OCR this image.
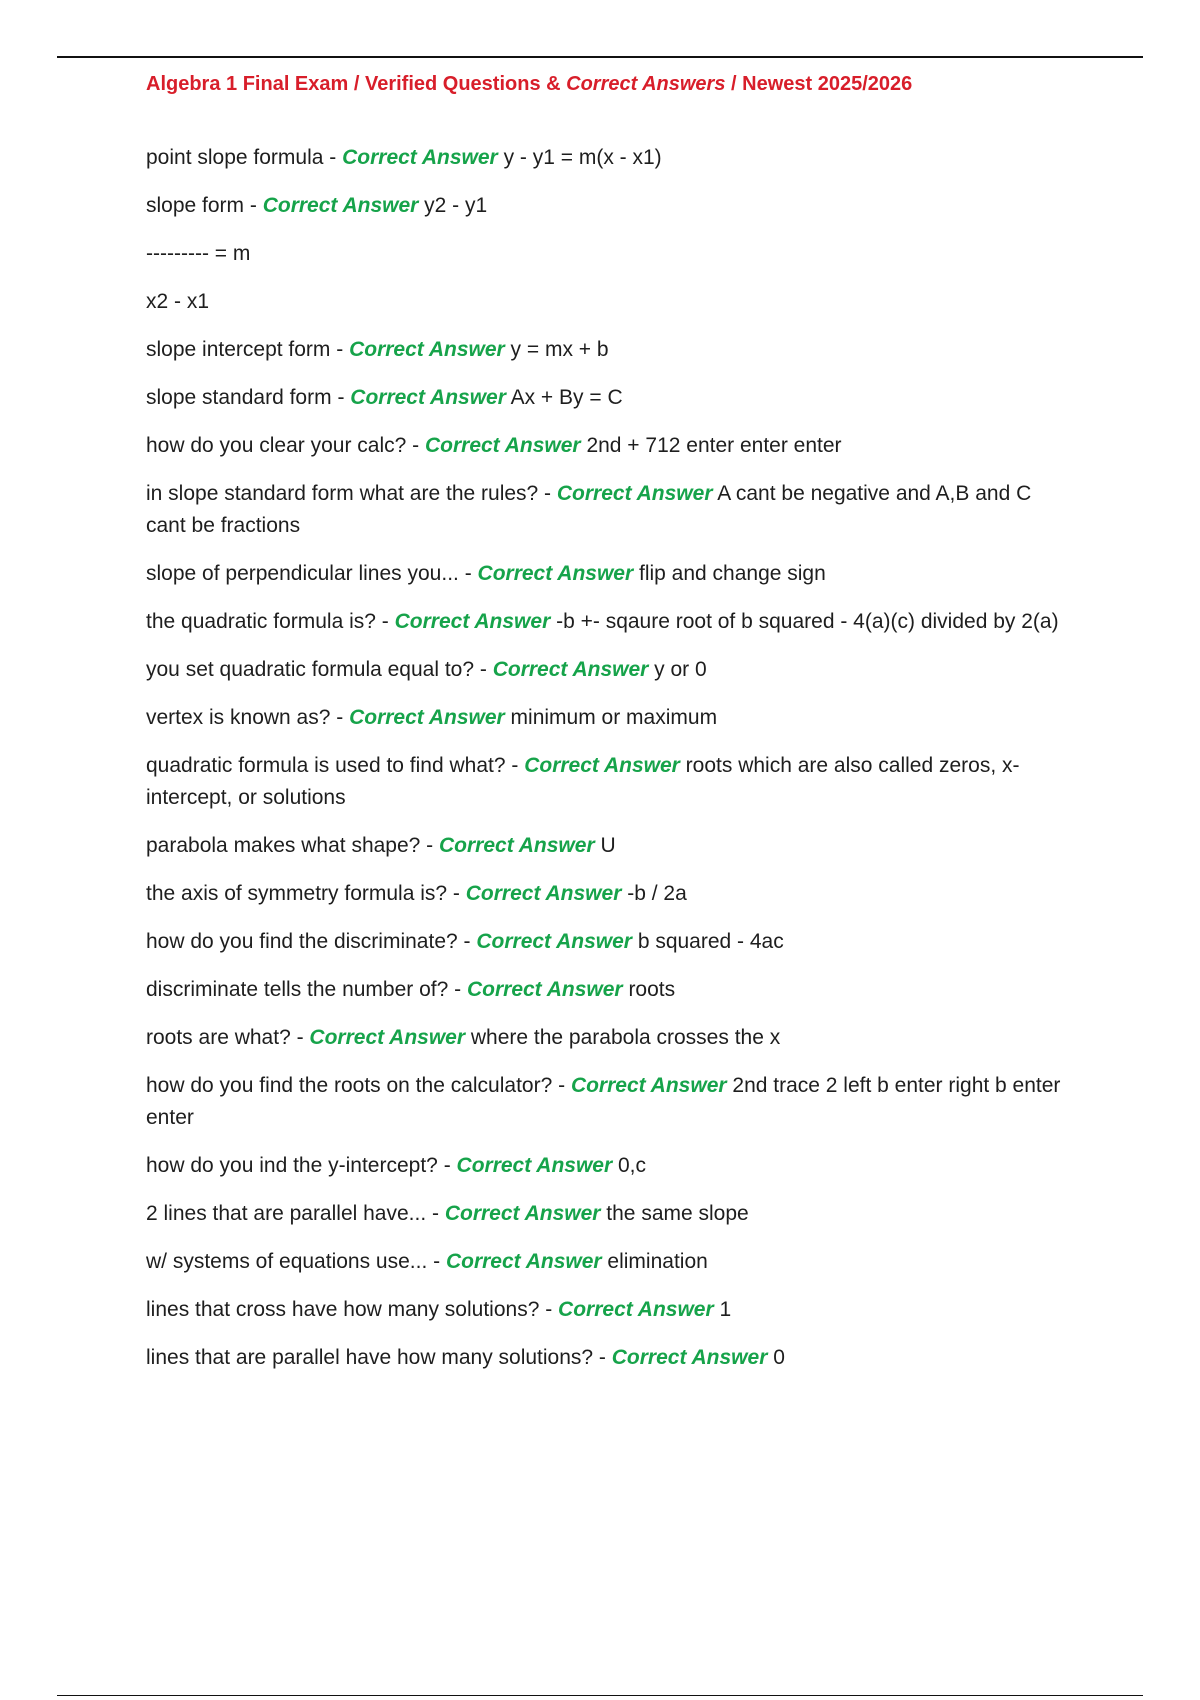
Algebra 1 Final Exam / Verified Questions & Correct Answers / Newest 2025/2026
point slope formula - Correct Answer y - y1 = m(x - x1)
slope form - Correct Answer y2 - y1
--------- = m
x2 - x1
slope intercept form - Correct Answer y = mx + b
slope standard form - Correct Answer Ax + By = C
how do you clear your calc? - Correct Answer 2nd + 712 enter enter enter
in slope standard form what are the rules? - Correct Answer A cant be negative and A,B and C cant be fractions
slope of perpendicular lines you... - Correct Answer flip and change sign
the quadratic formula is? - Correct Answer -b +- sqaure root of b squared - 4(a)(c) divided by 2(a)
you set quadratic formula equal to? - Correct Answer y or 0
vertex is known as? - Correct Answer minimum or maximum
quadratic formula is used to find what? - Correct Answer roots which are also called zeros, x-intercept, or solutions
parabola makes what shape? - Correct Answer U
the axis of symmetry formula is? - Correct Answer -b / 2a
how do you find the discriminate? - Correct Answer b squared - 4ac
discriminate tells the number of? - Correct Answer roots
roots are what? - Correct Answer where the parabola crosses the x
how do you find the roots on the calculator? - Correct Answer 2nd trace 2 left b enter right b enter enter
how do you ind the y-intercept? - Correct Answer 0,c
2 lines that are parallel have... - Correct Answer the same slope
w/ systems of equations use... - Correct Answer elimination
lines that cross have how many solutions? - Correct Answer 1
lines that are parallel have how many solutions? - Correct Answer 0
